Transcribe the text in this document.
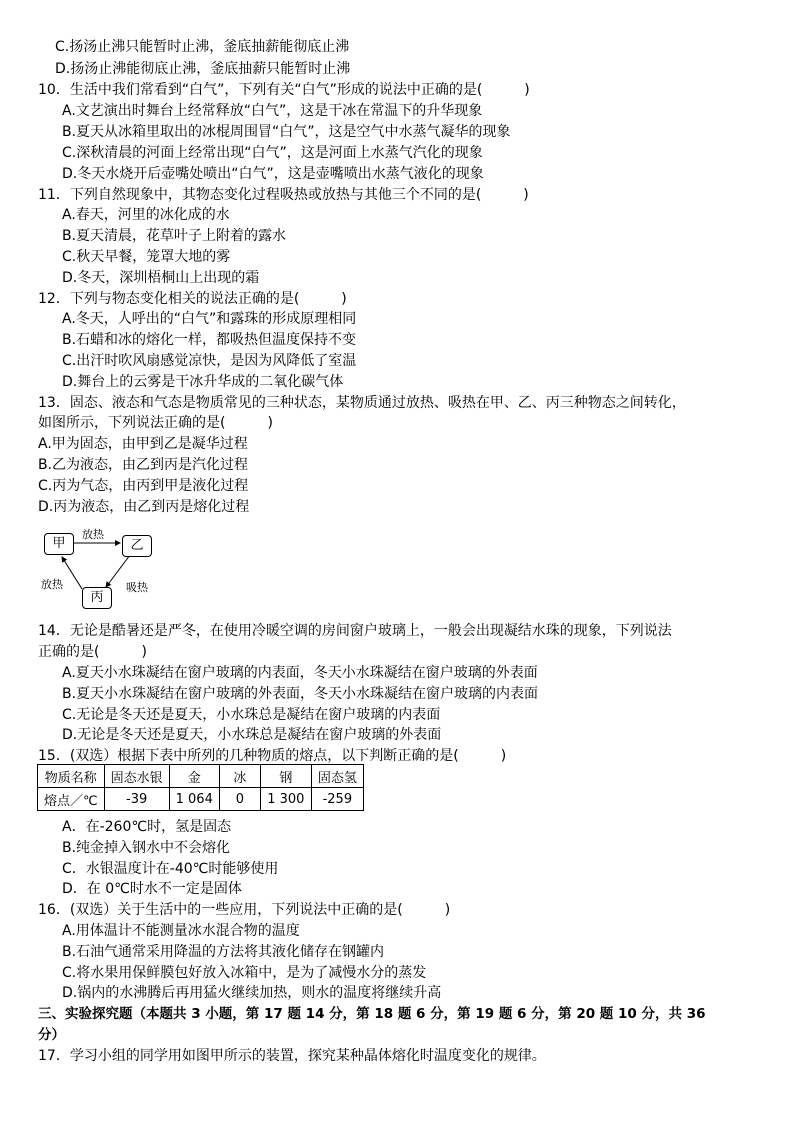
C.扬汤止沸只能暂时止沸，釜底抽薪能彻底止沸
D.扬汤止沸能彻底止沸，釜底抽薪只能暂时止沸
10．生活中我们常看到“白气”，下列有关“白气”形成的说法中正确的是(　　　)
A.文艺演出时舞台上经常释放“白气”，这是干冰在常温下的升华现象
B.夏天从冰箱里取出的冰棍周围冒“白气”，这是空气中水蒸气凝华的现象
C.深秋清晨的河面上经常出现“白气”，这是河面上水蒸气汽化的现象
D.冬天水烧开后壶嘴处喷出“白气”，这是壶嘴喷出水蒸气液化的现象
11．下列自然现象中，其物态变化过程吸热或放热与其他三个不同的是(　　　)
A.春天，河里的冰化成的水
B.夏天清晨，花草叶子上附着的露水
C.秋天早餐，笼罩大地的雾
D.冬天，深圳梧桐山上出现的霜
12．下列与物态变化相关的说法正确的是(　　　)
A.冬天，人呼出的“白气”和露珠的形成原理相同
B.石蜡和冰的熔化一样，都吸热但温度保持不变
C.出汗时吹风扇感觉凉快，是因为风降低了室温
D.舞台上的云雾是干冰升华成的二氧化碳气体
13．固态、液态和气态是物质常见的三种状态，某物质通过放热、吸热在甲、乙、丙三种物态之间转化，
如图所示，下列说法正确的是(　　　)
A.甲为固态，由甲到乙是凝华过程
B.乙为液态，由乙到丙是汽化过程
C.丙为气态，由丙到甲是液化过程
D.丙为液态，由乙到丙是熔化过程
甲	乙
丙
放热
吸热
放热
14．无论是酷暑还是严冬，在使用冷暖空调的房间窗户玻璃上，一般会出现凝结水珠的现象，下列说法
正确的是(　　　)
A.夏天小水珠凝结在窗户玻璃的内表面，冬天小水珠凝结在窗户玻璃的外表面
B.夏天小水珠凝结在窗户玻璃的外表面，冬天小水珠凝结在窗户玻璃的内表面
C.无论是冬天还是夏天，小水珠总是凝结在窗户玻璃的内表面
D.无论是冬天还是夏天，小水珠总是凝结在窗户玻璃的外表面
15．(双选）根据下表中所列的几种物质的熔点，以下判断正确的是(　　　)
物质名称	固态水银	金	冰	钢	固态氢
熔点／℃	-39	1 064	0	1 300	-259
A．在-260℃时，氢是固态
B.纯金掉入钢水中不会熔化
C．水银温度计在-40℃时能够使用
D．在 0℃时水不一定是固体
16．(双选）关于生活中的一些应用，下列说法中正确的是(　　　)
A.用体温计不能测量冰水混合物的温度
B.石油气通常采用降温的方法将其液化储存在钢罐内
C.将水果用保鲜膜包好放入冰箱中，是为了减慢水分的蒸发
D.锅内的水沸腾后再用猛火继续加热，则水的温度将继续升高
三、实验探究题（本题共 3 小题，第 17 题 14 分，第 18 题 6 分，第 19 题 6 分，第 20 题 10 分，共 36
分）
17．学习小组的同学用如图甲所示的装置，探究某种晶体熔化时温度变化的规律。
